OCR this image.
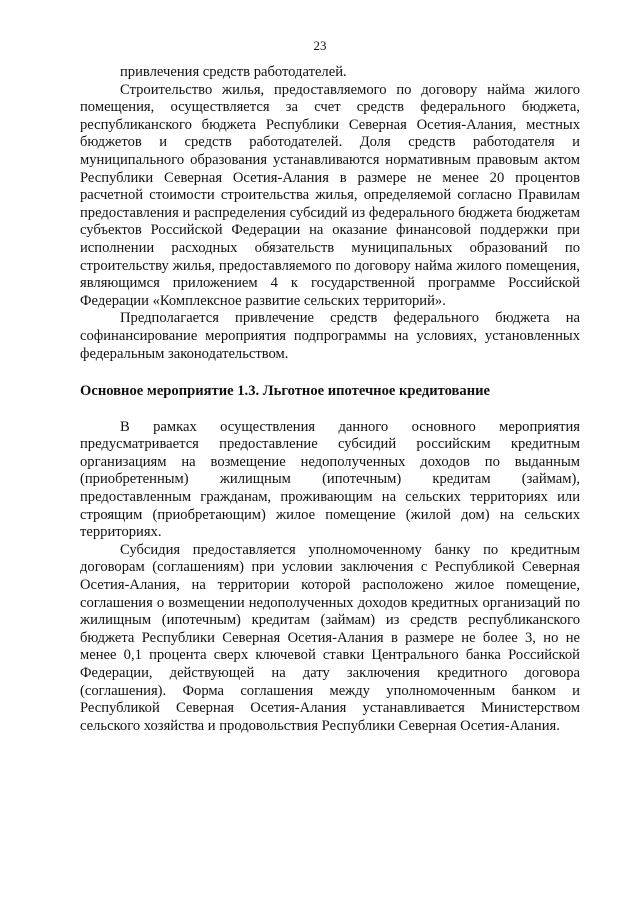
23

привлечения средств работодателей.

Строительство жилья, предоставляемого по договору найма жилого помещения, осуществляется за счет средств федерального бюджета, республиканского бюджета Республики Северная Осетия-Алания, местных бюджетов и средств работодателей. Доля средств работодателя и муниципального образования устанавливаются нормативным правовым актом Республики Северная Осетия-Алания в размере не менее 20 процентов расчетной стоимости строительства жилья, определяемой согласно Правилам предоставления и распределения субсидий из федерального бюджета бюджетам субъектов Российской Федерации на оказание финансовой поддержки при исполнении расходных обязательств муниципальных образований по строительству жилья, предоставляемого по договору найма жилого помещения, являющимся приложением 4 к государственной программе Российской Федерации «Комплексное развитие сельских территорий».

Предполагается привлечение средств федерального бюджета на софинансирование мероприятия подпрограммы на условиях, установленных федеральным законодательством.

Основное мероприятие 1.3. Льготное ипотечное кредитование

В рамках осуществления данного основного мероприятия предусматривается предоставление субсидий российским кредитным организациям на возмещение недополученных доходов по выданным (приобретенным) жилищным (ипотечным) кредитам (займам), предоставленным гражданам, проживающим на сельских территориях или строящим (приобретающим) жилое помещение (жилой дом) на сельских территориях.

Субсидия предоставляется уполномоченному банку по кредитным договорам (соглашениям) при условии заключения с Республикой Северная Осетия-Алания, на территории которой расположено жилое помещение, соглашения о возмещении недополученных доходов кредитных организаций по жилищным (ипотечным) кредитам (займам) из средств республиканского бюджета Республики Северная Осетия-Алания в размере не более 3, но не менее 0,1 процента сверх ключевой ставки Центрального банка Российской Федерации, действующей на дату заключения кредитного договора (соглашения). Форма соглашения между уполномоченным банком и Республикой Северная Осетия-Алания устанавливается Министерством сельского хозяйства и продовольствия Республики Северная Осетия-Алания.
